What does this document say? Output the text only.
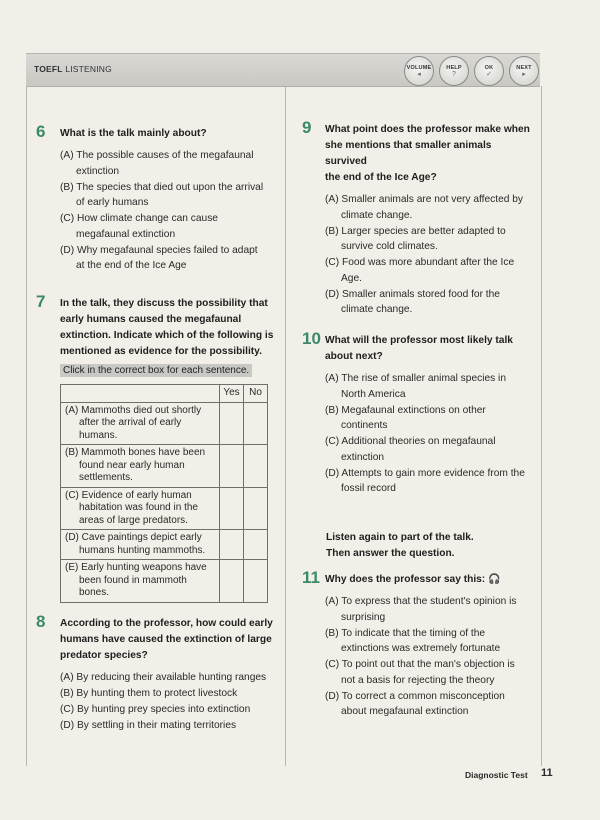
TOEFL LISTENING	VOLUME
◂
HELP
?
OK
✓
NEXT
▸
6 What is the talk mainly about?
(A) The possible causes of the megafaunal
extinction
(B) The species that died out upon the arrival
of early humans
(C) How climate change can cause
megafaunal extinction
(D) Why megafaunal species failed to adapt
at the end of the Ice Age
7 In the talk, they discuss the possibility that
early humans caused the megafaunal
extinction. Indicate which of the following is
mentioned as evidence for the possibility.
Click in the correct box for each sentence.
	Yes	No

(A) Mammoths died out shortly
after the arrival of early
humans.		

(B) Mammoth bones have been
found near early human
settlements.		

(C) Evidence of early human
habitation was found in the
areas of large predators.		

(D) Cave paintings depict early
humans hunting mammoths.		

(E) Early hunting weapons have
been found in mammoth bones.		

8 According to the professor, how could early
humans have caused the extinction of large
predator species?
(A) By reducing their available hunting ranges
(B) By hunting them to protect livestock
(C) By hunting prey species into extinction
(D) By settling in their mating territories
9 What point does the professor make when
she mentions that smaller animals survived
the end of the Ice Age?
(A) Smaller animals are not very affected by
climate change.
(B) Larger species are better adapted to
survive cold climates.
(C) Food was more abundant after the Ice
Age.
(D) Smaller animals stored food for the
climate change.
10 What will the professor most likely talk
about next?
(A) The rise of smaller animal species in
North America
(B) Megafaunal extinctions on other
continents
(C) Additional theories on megafaunal
extinction
(D) Attempts to gain more evidence from the
fossil record
Listen again to part of the talk.
Then answer the question.
11 Why does the professor say this: 🎧
(A) To express that the student's opinion is
surprising
(B) To indicate that the timing of the
extinctions was extremely fortunate
(C) To point out that the man's objection is
not a basis for rejecting the theory
(D) To correct a common misconception
about megafaunal extinction
Diagnostic Test 11
